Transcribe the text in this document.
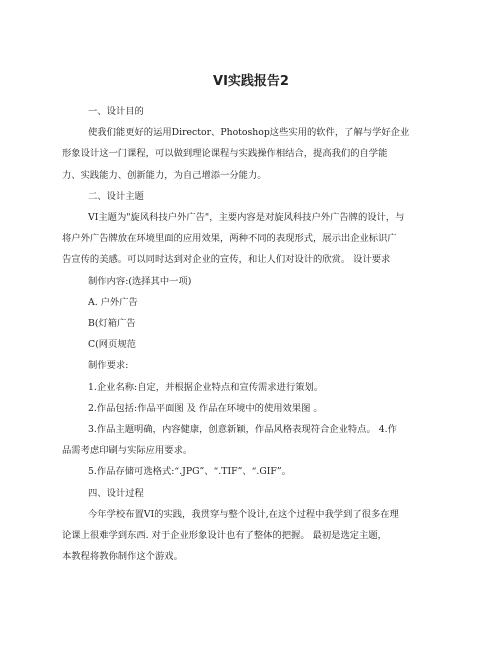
VI实践报告2

一、设计目的

使我们能更好的运用Director、Photoshop这些实用的软件，了解与学好企业

形象设计这一门课程，可以做到理论课程与实践操作相结合，提高我们的自学能

力、实践能力、创新能力，为自己增添一分能力。

二、设计主题

VI主题为"旋风科技户外广告"，主要内容是对旋风科技户外广告牌的设计，与

将户外广告牌放在环境里面的应用效果，两种不同的表现形式，展示出企业标识广

告宣传的美感。可以同时达到对企业的宣传，和让人们对设计的欣赏。 设计要求

制作内容:(选择其中一项)

A. 户外广告

B(灯箱广告

C(网页规范

制作要求:

1.企业名称:自定，并根据企业特点和宣传需求进行策划。

2.作品包括:作品平面图 及 作品在环境中的使用效果图 。

3.作品主题明确，内容健康，创意新颖，作品风格表现符合企业特点。 4.作

品需考虑印刷与实际应用要求。

5.作品存储可选格式:“.JPG”、“.TIF”、“.GIF”。

四、设计过程

今年学校布置VI的实践，我贯穿与整个设计,在这个过程中我学到了很多在理

论课上很难学到东西. 对于企业形象设计也有了整体的把握。 最初是选定主题，

本教程将教你制作这个游戏。
